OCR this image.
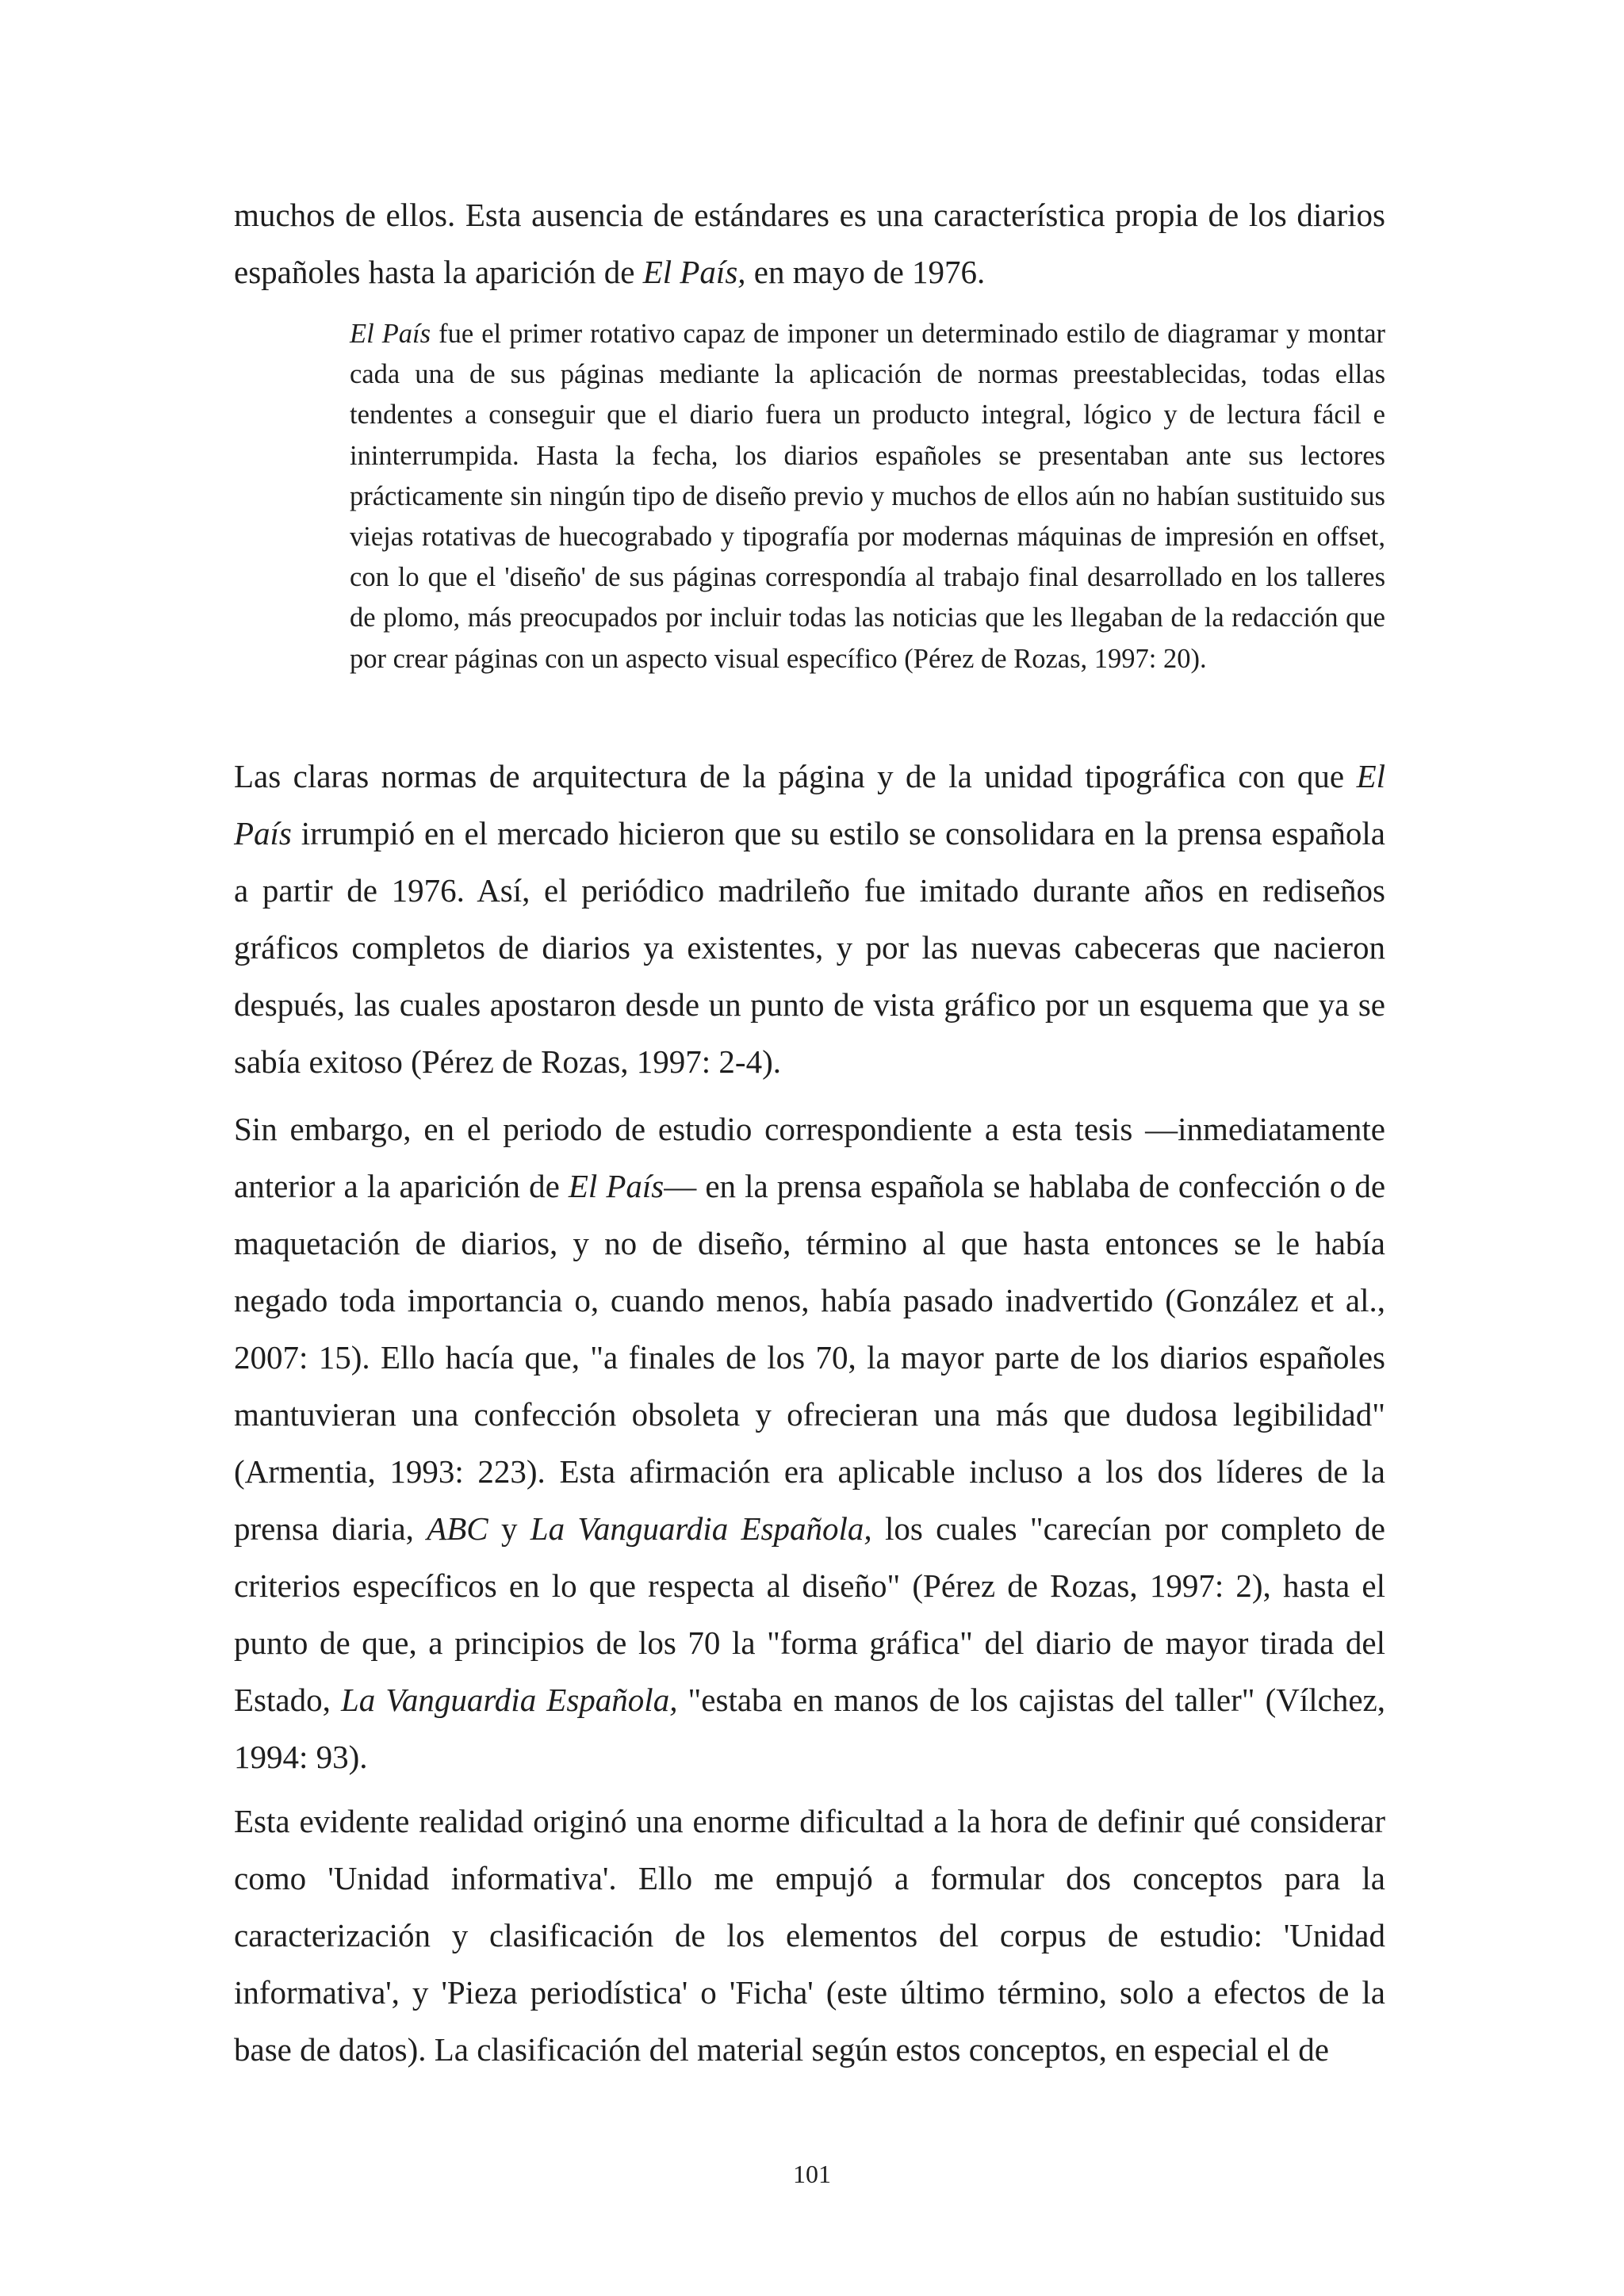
muchos de ellos. Esta ausencia de estándares es una característica propia de los diarios españoles hasta la aparición de El País, en mayo de 1976.

El País fue el primer rotativo capaz de imponer un determinado estilo de diagramar y montar cada una de sus páginas mediante la aplicación de normas preestablecidas, todas ellas tendentes a conseguir que el diario fuera un producto integral, lógico y de lectura fácil e ininterrumpida. Hasta la fecha, los diarios españoles se presentaban ante sus lectores prácticamente sin ningún tipo de diseño previo y muchos de ellos aún no habían sustituido sus viejas rotativas de huecograbado y tipografía por modernas máquinas de impresión en offset, con lo que el 'diseño' de sus páginas correspondía al trabajo final desarrollado en los talleres de plomo, más preocupados por incluir todas las noticias que les llegaban de la redacción que por crear páginas con un aspecto visual específico (Pérez de Rozas, 1997: 20).

Las claras normas de arquitectura de la página y de la unidad tipográfica con que El País irrumpió en el mercado hicieron que su estilo se consolidara en la prensa española a partir de 1976. Así, el periódico madrileño fue imitado durante años en rediseños gráficos completos de diarios ya existentes, y por las nuevas cabeceras que nacieron después, las cuales apostaron desde un punto de vista gráfico por un esquema que ya se sabía exitoso (Pérez de Rozas, 1997: 2-4).

Sin embargo, en el periodo de estudio correspondiente a esta tesis —inmediatamente anterior a la aparición de El País— en la prensa española se hablaba de confección o de maquetación de diarios, y no de diseño, término al que hasta entonces se le había negado toda importancia o, cuando menos, había pasado inadvertido (González et al., 2007: 15). Ello hacía que, "a finales de los 70, la mayor parte de los diarios españoles mantuvieran una confección obsoleta y ofrecieran una más que dudosa legibilidad" (Armentia, 1993: 223). Esta afirmación era aplicable incluso a los dos líderes de la prensa diaria, ABC y La Vanguardia Española, los cuales "carecían por completo de criterios específicos en lo que respecta al diseño" (Pérez de Rozas, 1997: 2), hasta el punto de que, a principios de los 70 la "forma gráfica" del diario de mayor tirada del Estado, La Vanguardia Española, "estaba en manos de los cajistas del taller" (Vílchez, 1994: 93).

Esta evidente realidad originó una enorme dificultad a la hora de definir qué considerar como 'Unidad informativa'. Ello me empujó a formular dos conceptos para la caracterización y clasificación de los elementos del corpus de estudio: 'Unidad informativa', y 'Pieza periodística' o 'Ficha' (este último término, solo a efectos de la base de datos). La clasificación del material según estos conceptos, en especial el de

101
